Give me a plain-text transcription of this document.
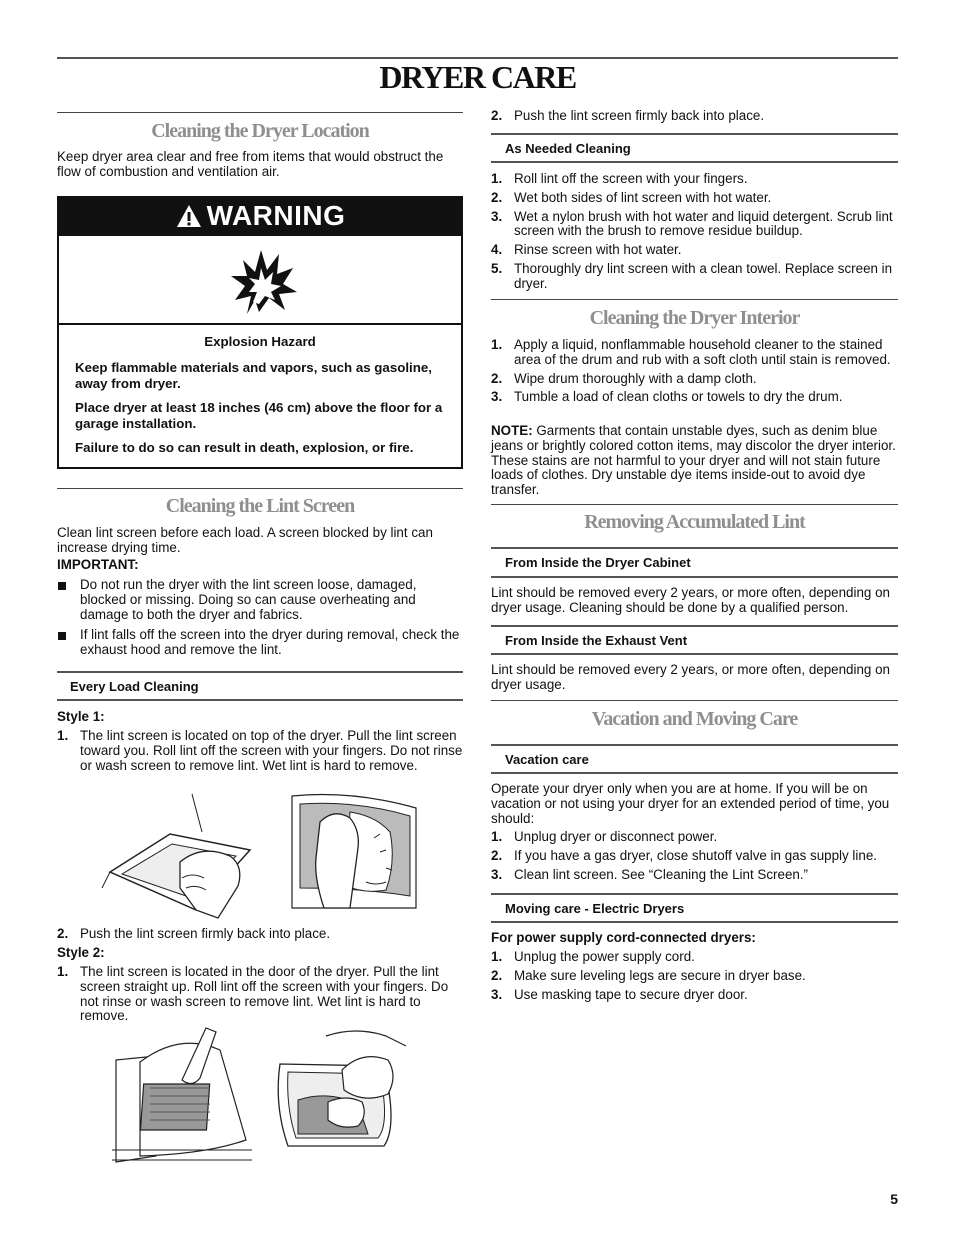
DRYER CARE
Cleaning the Dryer Location

Keep dryer area clear and free from items that would obstruct the flow of combustion and ventilation air.

WARNING
Explosion Hazard

Keep flammable materials and vapors, such as gasoline, away from dryer.

Place dryer at least 18 inches (46 cm) above the floor for a garage installation.

Failure to do so can result in death, explosion, or fire.

Cleaning the Lint Screen

Clean lint screen before each load. A screen blocked by lint can increase drying time.

IMPORTANT:

Do not run the dryer with the lint screen loose, damaged, blocked or missing. Doing so can cause overheating and damage to both the dryer and fabrics.
If lint falls off the screen into the dryer during removal, check the exhaust hood and remove the lint.
Every Load Cleaning

Style 1:

1. The lint screen is located on top of the dryer. Pull the lint screen toward you. Roll lint off the screen with your fingers. Do not rinse or wash screen to remove lint. Wet lint is hard to remove.
2. Push the lint screen firmly back into place.

Style 2:

1. The lint screen is located in the door of the dryer. Pull the lint screen straight up. Roll lint off the screen with your fingers. Do not rinse or wash screen to remove lint. Wet lint is hard to remove.
2. Push the lint screen firmly back into place.
As Needed Cleaning
1. Roll lint off the screen with your fingers.
2. Wet both sides of lint screen with hot water.
3. Wet a nylon brush with hot water and liquid detergent. Scrub lint screen with the brush to remove residue buildup.
4. Rinse screen with hot water.
5. Thoroughly dry lint screen with a clean towel. Replace screen in dryer.
Cleaning the Dryer Interior
1. Apply a liquid, nonflammable household cleaner to the stained area of the drum and rub with a soft cloth until stain is removed.
2. Wipe drum thoroughly with a damp cloth.
3. Tumble a load of clean cloths or towels to dry the drum.

NOTE: Garments that contain unstable dyes, such as denim blue jeans or brightly colored cotton items, may discolor the dryer interior. These stains are not harmful to your dryer and will not stain future loads of clothes. Dry unstable dye items inside-out to avoid dye transfer.

Removing Accumulated Lint
From Inside the Dryer Cabinet

Lint should be removed every 2 years, or more often, depending on dryer usage. Cleaning should be done by a qualified person.

From Inside the Exhaust Vent

Lint should be removed every 2 years, or more often, depending on dryer usage.

Vacation and Moving Care
Vacation care

Operate your dryer only when you are at home. If you will be on vacation or not using your dryer for an extended period of time, you should:

1. Unplug dryer or disconnect power.
2. If you have a gas dryer, close shutoff valve in gas supply line.
3. Clean lint screen. See “Cleaning the Lint Screen.”
Moving care - Electric Dryers

For power supply cord-connected dryers:

1. Unplug the power supply cord.
2. Make sure leveling legs are secure in dryer base.
3. Use masking tape to secure dryer door.
5
